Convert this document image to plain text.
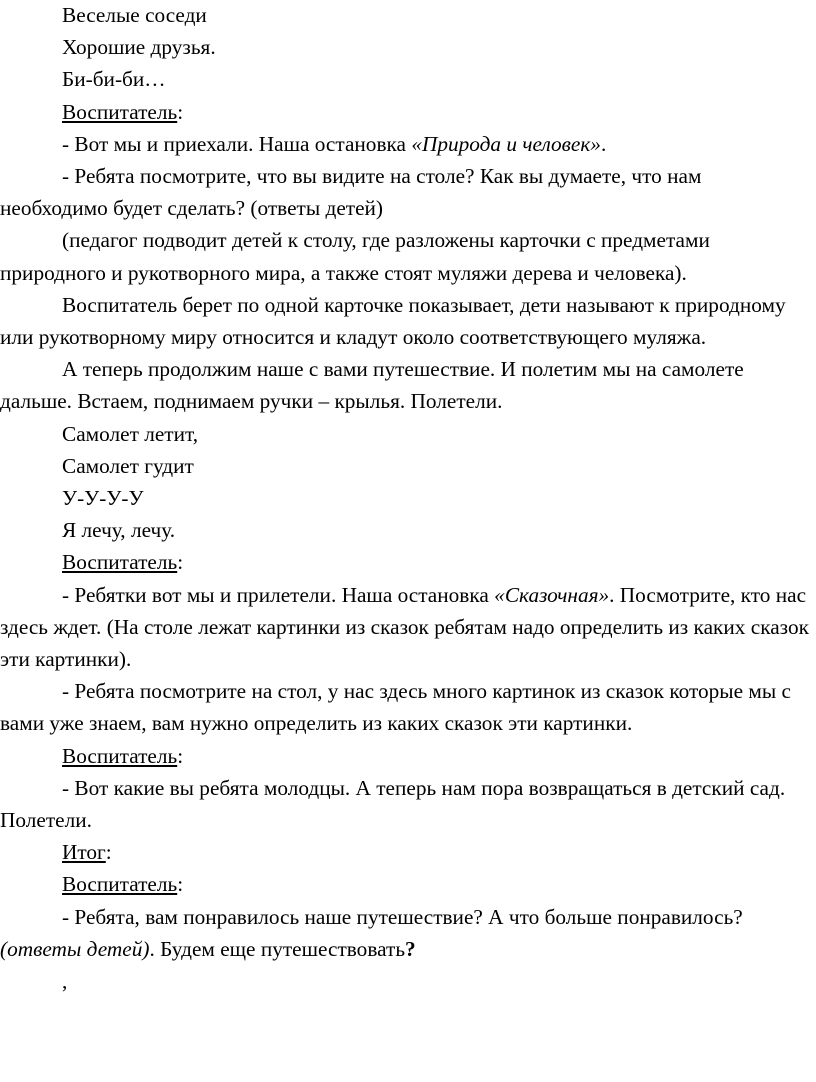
Веселые соседи

Хорошие друзья.

Би-би-би…

Воспитатель:

- Вот мы и приехали. Наша остановка «Природа и человек».

- Ребята посмотрите, что вы видите на столе? Как вы думаете, что нам необходимо будет сделать? (ответы детей)

(педагог подводит детей к столу, где разложены карточки с предметами природного и рукотворного мира, а также стоят муляжи дерева и человека).

Воспитатель берет по одной карточке показывает, дети называют к природному или рукотворному миру относится и кладут около соответствующего муляжа.

А теперь продолжим наше с вами путешествие. И полетим мы на самолете дальше. Встаем, поднимаем ручки – крылья. Полетели.

Самолет летит,

Самолет гудит

У-У-У-У

Я лечу, лечу.

Воспитатель:

- Ребятки вот мы и прилетели. Наша остановка «Сказочная». Посмотрите, кто нас здесь ждет. (На столе лежат картинки из сказок ребятам надо определить из каких сказок эти картинки).

- Ребята посмотрите на стол, у нас здесь много картинок из сказок которые мы с вами уже знаем, вам нужно определить из каких сказок эти картинки.

Воспитатель:

- Вот какие вы ребята молодцы. А теперь нам пора возвращаться в детский сад. Полетели.

Итог:

Воспитатель:

- Ребята, вам понравилось наше путешествие? А что больше понравилось? (ответы детей). Будем еще путешествовать?

,
